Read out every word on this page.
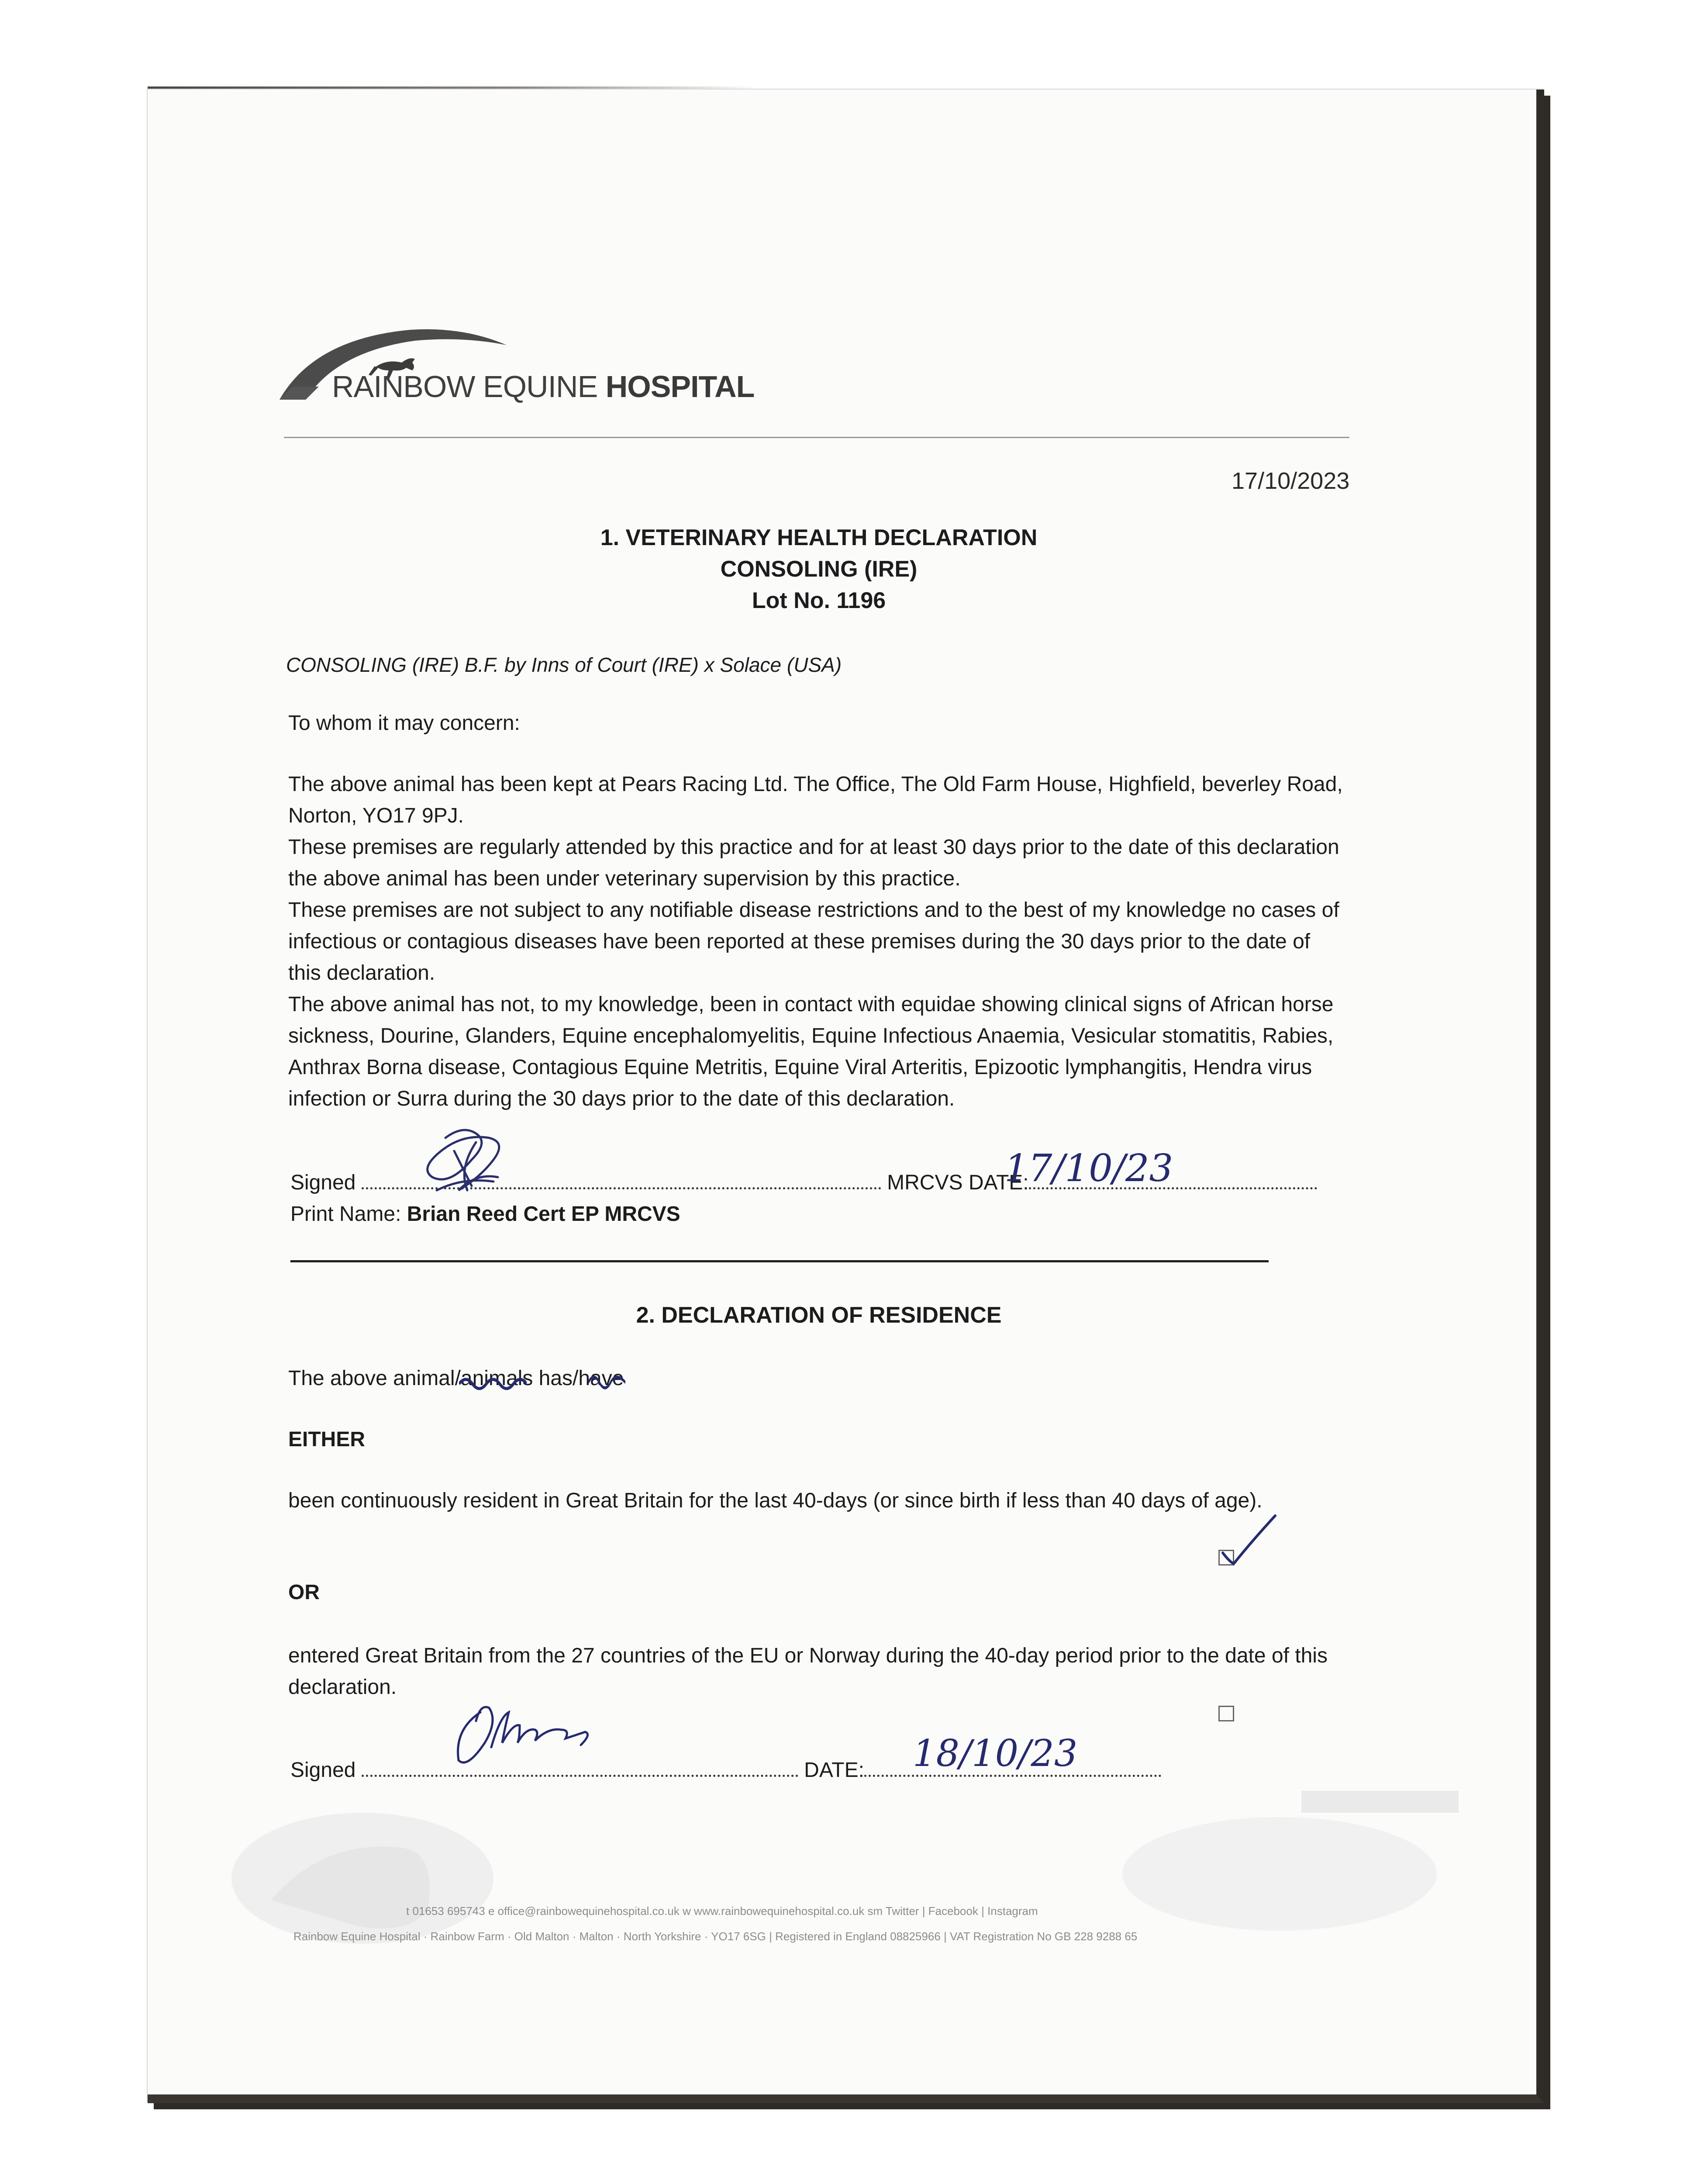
RAINBOW EQUINE HOSPITAL
17/10/2023
1. VETERINARY HEALTH DECLARATION
CONSOLING (IRE)
Lot No. 1196
CONSOLING (IRE) B.F. by Inns of Court (IRE) x Solace (USA)
To whom it may concern:

The above animal has been kept at Pears Racing Ltd. The Office, The Old Farm House, Highfield, beverley Road, Norton, YO17 9PJ.

These premises are regularly attended by this practice and for at least 30 days prior to the date of this declaration the above animal has been under veterinary supervision by this practice.

These premises are not subject to any notifiable disease restrictions and to the best of my knowledge no cases of infectious or contagious diseases have been reported at these premises during the 30 days prior to the date of this declaration.

The above animal has not, to my knowledge, been in contact with equidae showing clinical signs of African horse sickness, Dourine, Glanders, Equine encephalomyelitis, Equine Infectious Anaemia, Vesicular stomatitis, Rabies, Anthrax Borna disease, Contagious Equine Metritis, Equine Viral Arteritis, Epizootic lymphangitis, Hendra virus infection or Surra during the 30 days prior to the date of this declaration.

Signed	MRCVS DATE:
17/10/23
Print Name: Brian Reed Cert EP MRCVS
2. DECLARATION OF RESIDENCE
The above animal/animal
s has/have
EITHER
been continuously resident in Great Britain for the last 40-days (or since birth if less than 40 days of age).
OR
entered Great Britain from the 27 countries of the EU or Norway during the 40-day period prior to the date of this declaration.
Signed	DATE:	18/10/23
t 01653 695743 e office@rainbowequinehospital.co.uk w www.rainbowequinehospital.co.uk sm Twitter | Facebook | Instagram
Rainbow Equine Hospital · Rainbow Farm · Old Malton · Malton · North Yorkshire · YO17 6SG | Registered in England 08825966 | VAT Registration No GB 228 9288 65
